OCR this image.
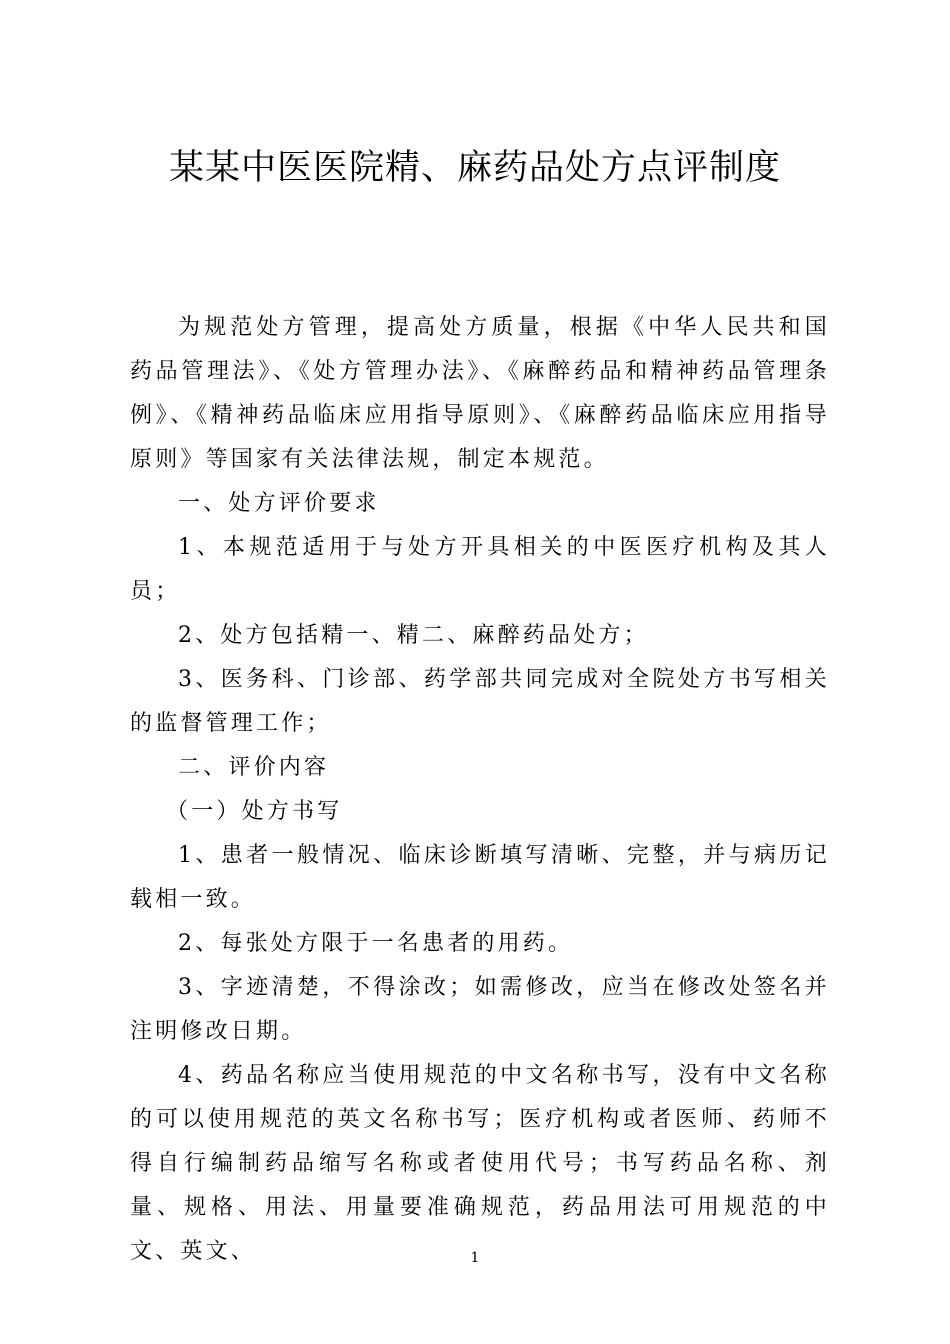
某某中医医院精、麻药品处方点评制度

为规范处方管理，提高处方质量，根据《中华人民共和国药品管理法》、《处方管理办法》、《麻醉药品和精神药品管理条例》、《精神药品临床应用指导原则》、《麻醉药品临床应用指导原则》等国家有关法律法规，制定本规范。

一、处方评价要求

1、本规范适用于与处方开具相关的中医医疗机构及其人员；

2、处方包括精一、精二、麻醉药品处方；

3、医务科、门诊部、药学部共同完成对全院处方书写相关的监督管理工作；

二、评价内容

（一）处方书写

1、患者一般情况、临床诊断填写清晰、完整，并与病历记载相一致。

2、每张处方限于一名患者的用药。

3、字迹清楚，不得涂改；如需修改，应当在修改处签名并注明修改日期。

4、药品名称应当使用规范的中文名称书写，没有中文名称的可以使用规范的英文名称书写；医疗机构或者医师、药师不得自行编制药品缩写名称或者使用代号；书写药品名称、剂量、规格、用法、用量要准确规范，药品用法可用规范的中文、英文、	1
